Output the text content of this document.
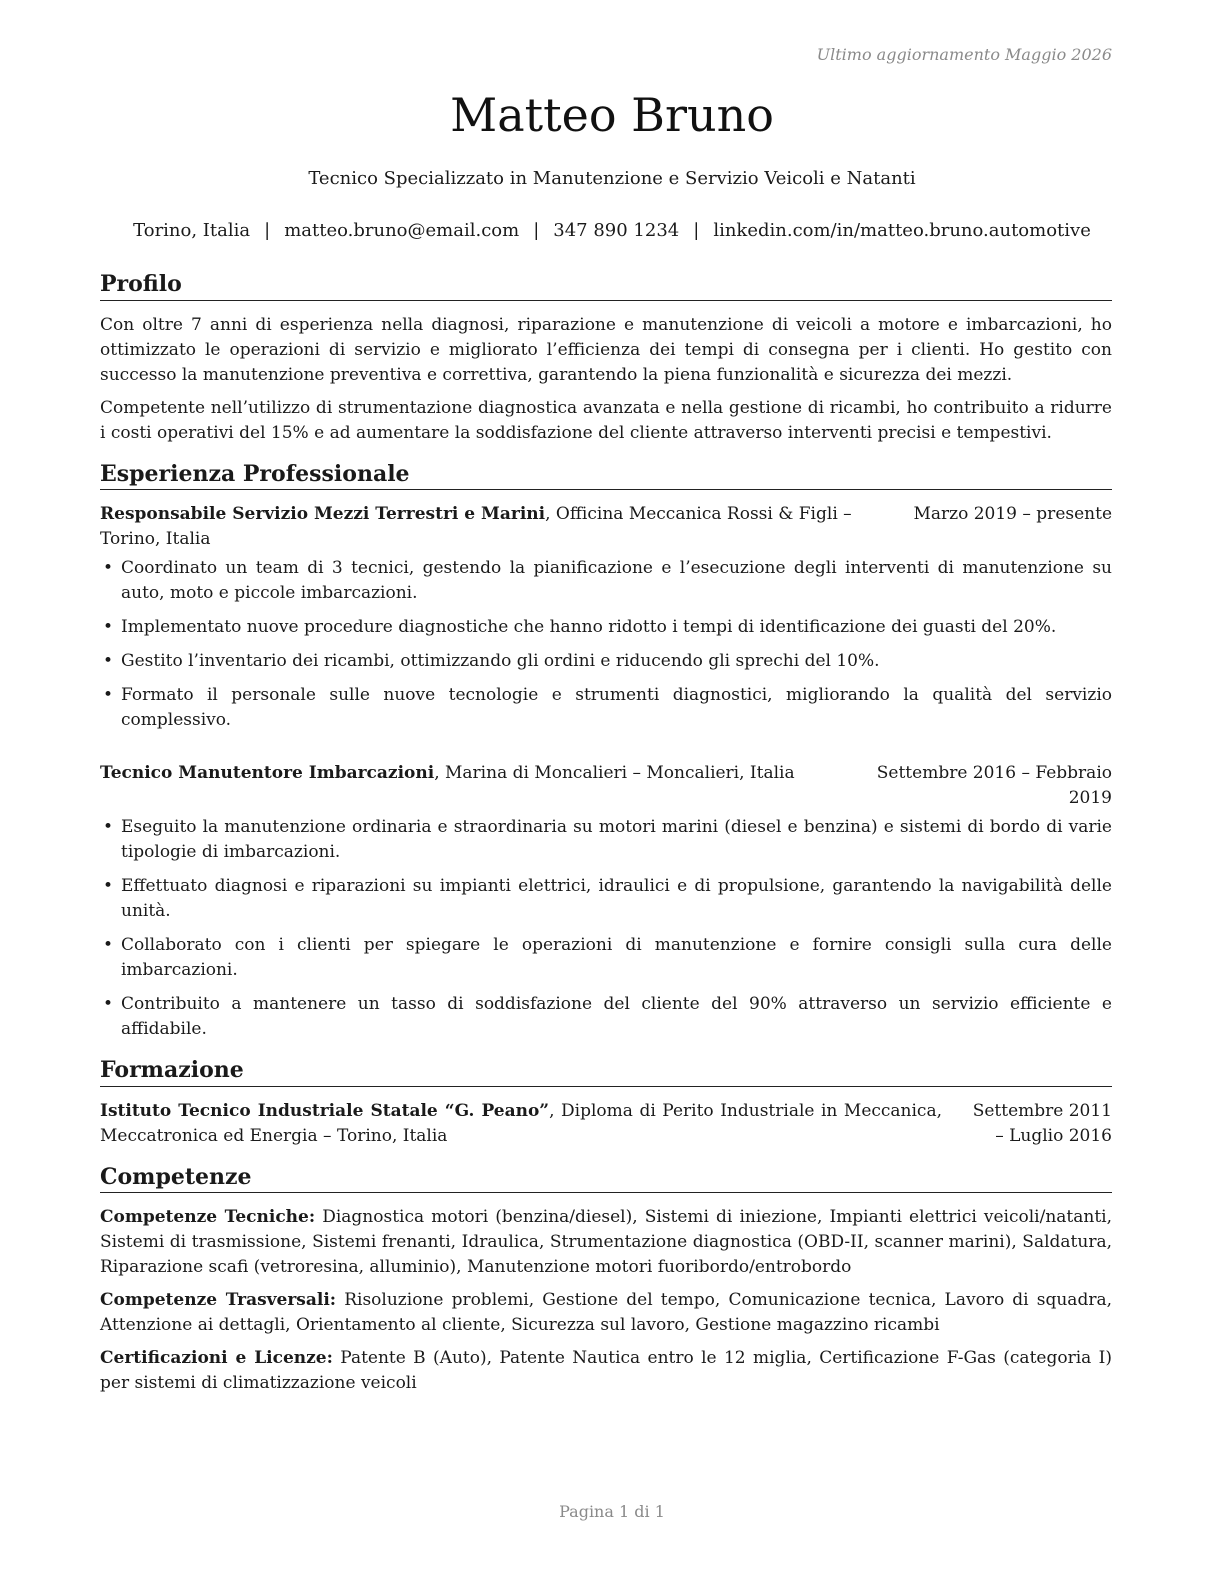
Ultimo aggiornamento Maggio 2026
Matteo Bruno
Tecnico Specializzato in Manutenzione e Servizio Veicoli e Natanti
Torino, Italia | matteo.bruno@email.com | 347 890 1234 | linkedin.com/in/matteo.bruno.automotive
Profilo

Con oltre 7 anni di esperienza nella diagnosi, riparazione e manutenzione di veicoli a motore e imbarcazioni, ho ottimizzato le operazioni di servizio e migliorato l’efficienza dei tempi di consegna per i clienti. Ho gestito con successo la manutenzione preventiva e correttiva, garantendo la piena funzionalità e sicurezza dei mezzi.

Competente nell’utilizzo di strumentazione diagnostica avanzata e nella gestione di ricambi, ho contribuito a ridurre i costi operativi del 15% e ad aumentare la soddisfazione del cliente attraverso interventi precisi e tempestivi.

Esperienza Professionale
Responsabile Servizio Mezzi Terrestri e Marini, Officina Meccanica Rossi & Figli – Torino, Italia
Marzo 2019 – presente
• Coordinato un team di 3 tecnici, gestendo la pianificazione e l’esecuzione degli interventi di manutenzione su auto, moto e piccole imbarcazioni.
• Implementato nuove procedure diagnostiche che hanno ridotto i tempi di identificazione dei guasti del 20%.
• Gestito l’inventario dei ricambi, ottimizzando gli ordini e riducendo gli sprechi del 10%.
• Formato il personale sulle nuove tecnologie e strumenti diagnostici, migliorando la qualità del servizio complessivo.
Tecnico Manutentore Imbarcazioni, Marina di Moncalieri – Moncalieri, Italia	Settembre 2016 – Febbraio 2019
• Eseguito la manutenzione ordinaria e straordinaria su motori marini (diesel e benzina) e sistemi di bordo di varie tipologie di imbarcazioni.
• Effettuato diagnosi e riparazioni su impianti elettrici, idraulici e di propulsione, garantendo la navigabilità delle unità.
• Collaborato con i clienti per spiegare le operazioni di manutenzione e fornire consigli sulla cura delle imbarcazioni.
• Contribuito a mantenere un tasso di soddisfazione del cliente del 90% attraverso un servizio efficiente e affidabile.
Formazione
Istituto Tecnico Industriale Statale “G. Peano”, Diploma di Perito Industriale in Meccanica, Meccatronica ed Energia – Torino, Italia
Settembre 2011 – Luglio 2016
Competenze

Competenze Tecniche: Diagnostica motori (benzina/diesel), Sistemi di iniezione, Impianti elettrici veicoli/natanti, Sistemi di trasmissione, Sistemi frenanti, Idraulica, Strumentazione diagnostica (OBD-II, scanner marini), Saldatura, Riparazione scafi (vetroresina, alluminio), Manutenzione motori fuoribordo/entrobordo

Competenze Trasversali: Risoluzione problemi, Gestione del tempo, Comunicazione tecnica, Lavoro di squadra, Attenzione ai dettagli, Orientamento al cliente, Sicurezza sul lavoro, Gestione magazzino ricambi

Certificazioni e Licenze: Patente B (Auto), Patente Nautica entro le 12 miglia, Certificazione F-Gas (categoria I) per sistemi di climatizzazione veicoli

Pagina 1 di 1
